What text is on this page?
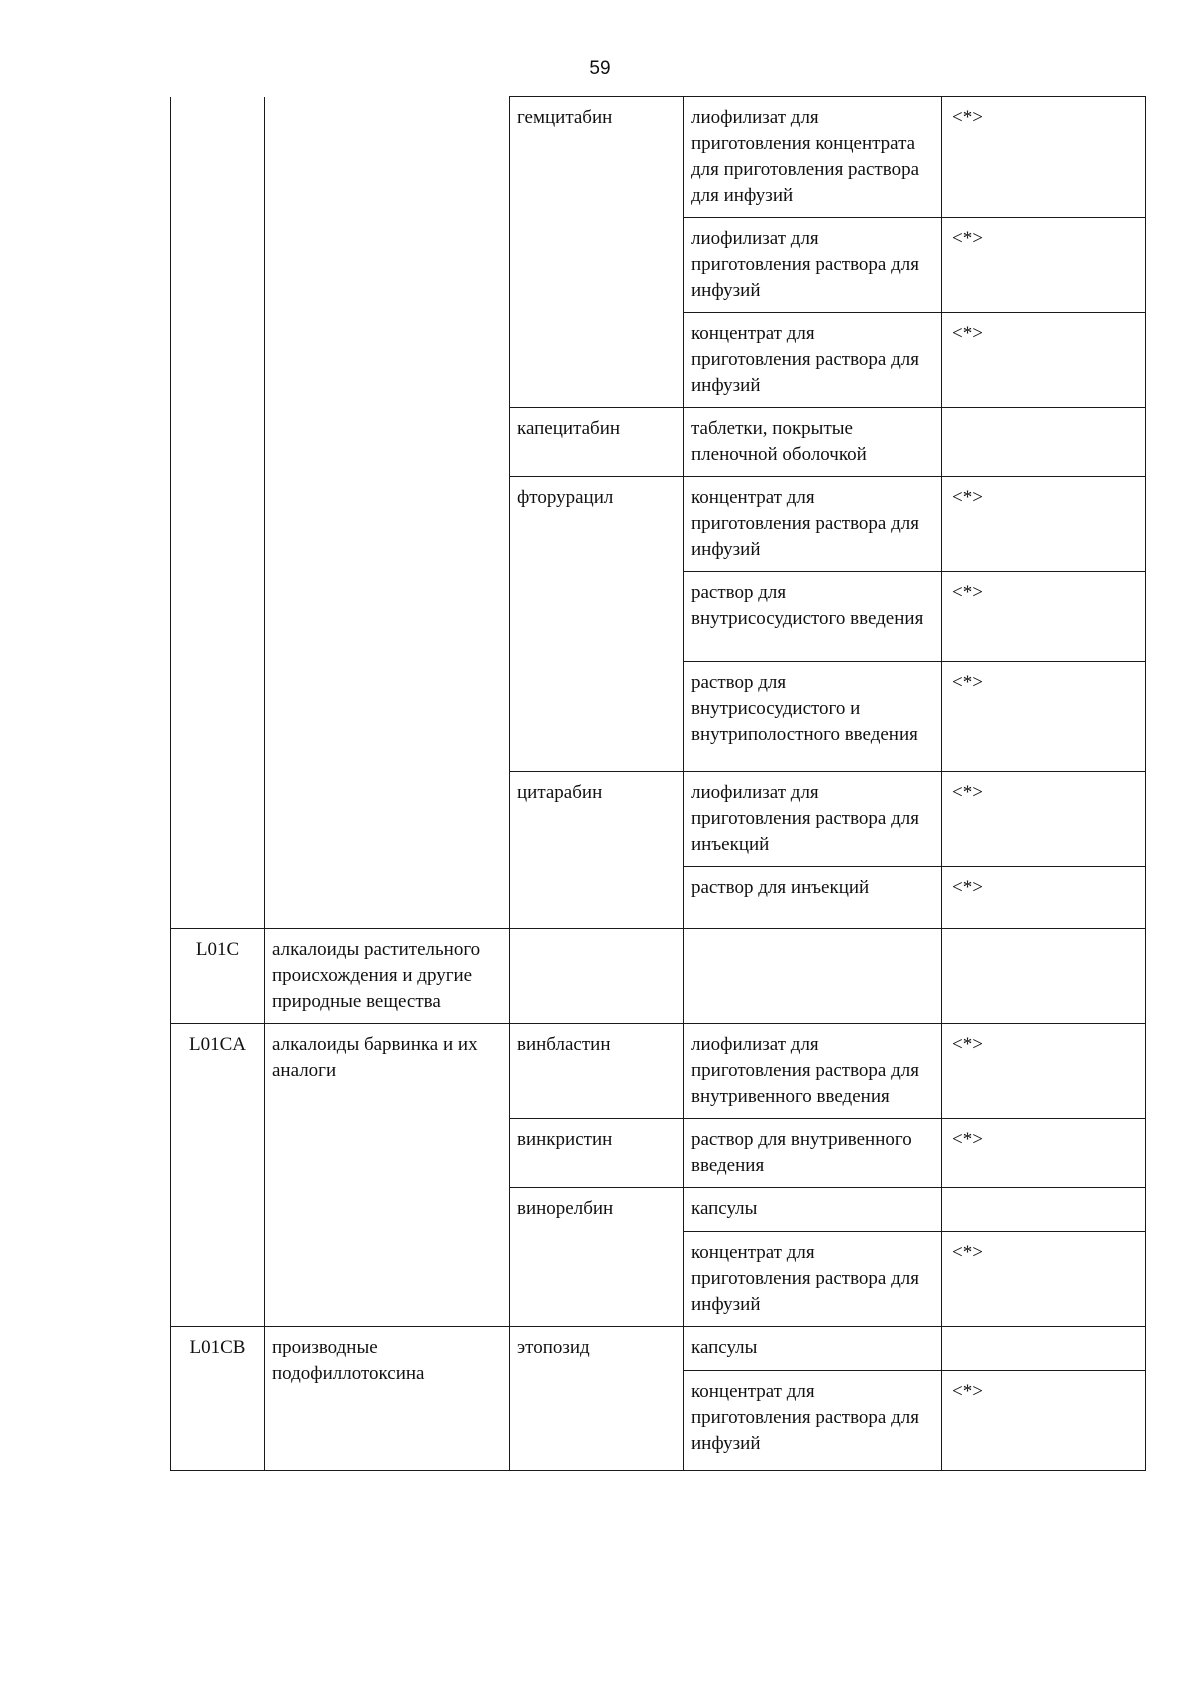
59
		гемцитабин	лиофилизат для приготовления концентрата для приготовления раствора для инфузий	<*>
			лиофилизат для приготовления раствора для инфузий	<*>
			концентрат для приготовления раствора для инфузий	<*>
		капецитабин	таблетки, покрытые пленочной оболочкой	
		фторурацил	концентрат для приготовления раствора для инфузий	<*>
			раствор для внутрисосудистого введения	<*>
			раствор для внутрисосудистого и внутриполостного введения	<*>
		цитарабин	лиофилизат для приготовления раствора для инъекций	<*>
			раствор для инъекций	<*>
L01C	алкалоиды растительного происхождения и другие природные вещества			
L01CA	алкалоиды барвинка и их аналоги	винбластин	лиофилизат для приготовления раствора для внутривенного введения	<*>
		винкристин	раствор для внутривенного введения	<*>
		винорелбин	капсулы	
			концентрат для приготовления раствора для инфузий	<*>
L01CB	производные подофиллотоксина	этопозид	капсулы	
			концентрат для приготовления раствора для инфузий	<*>
